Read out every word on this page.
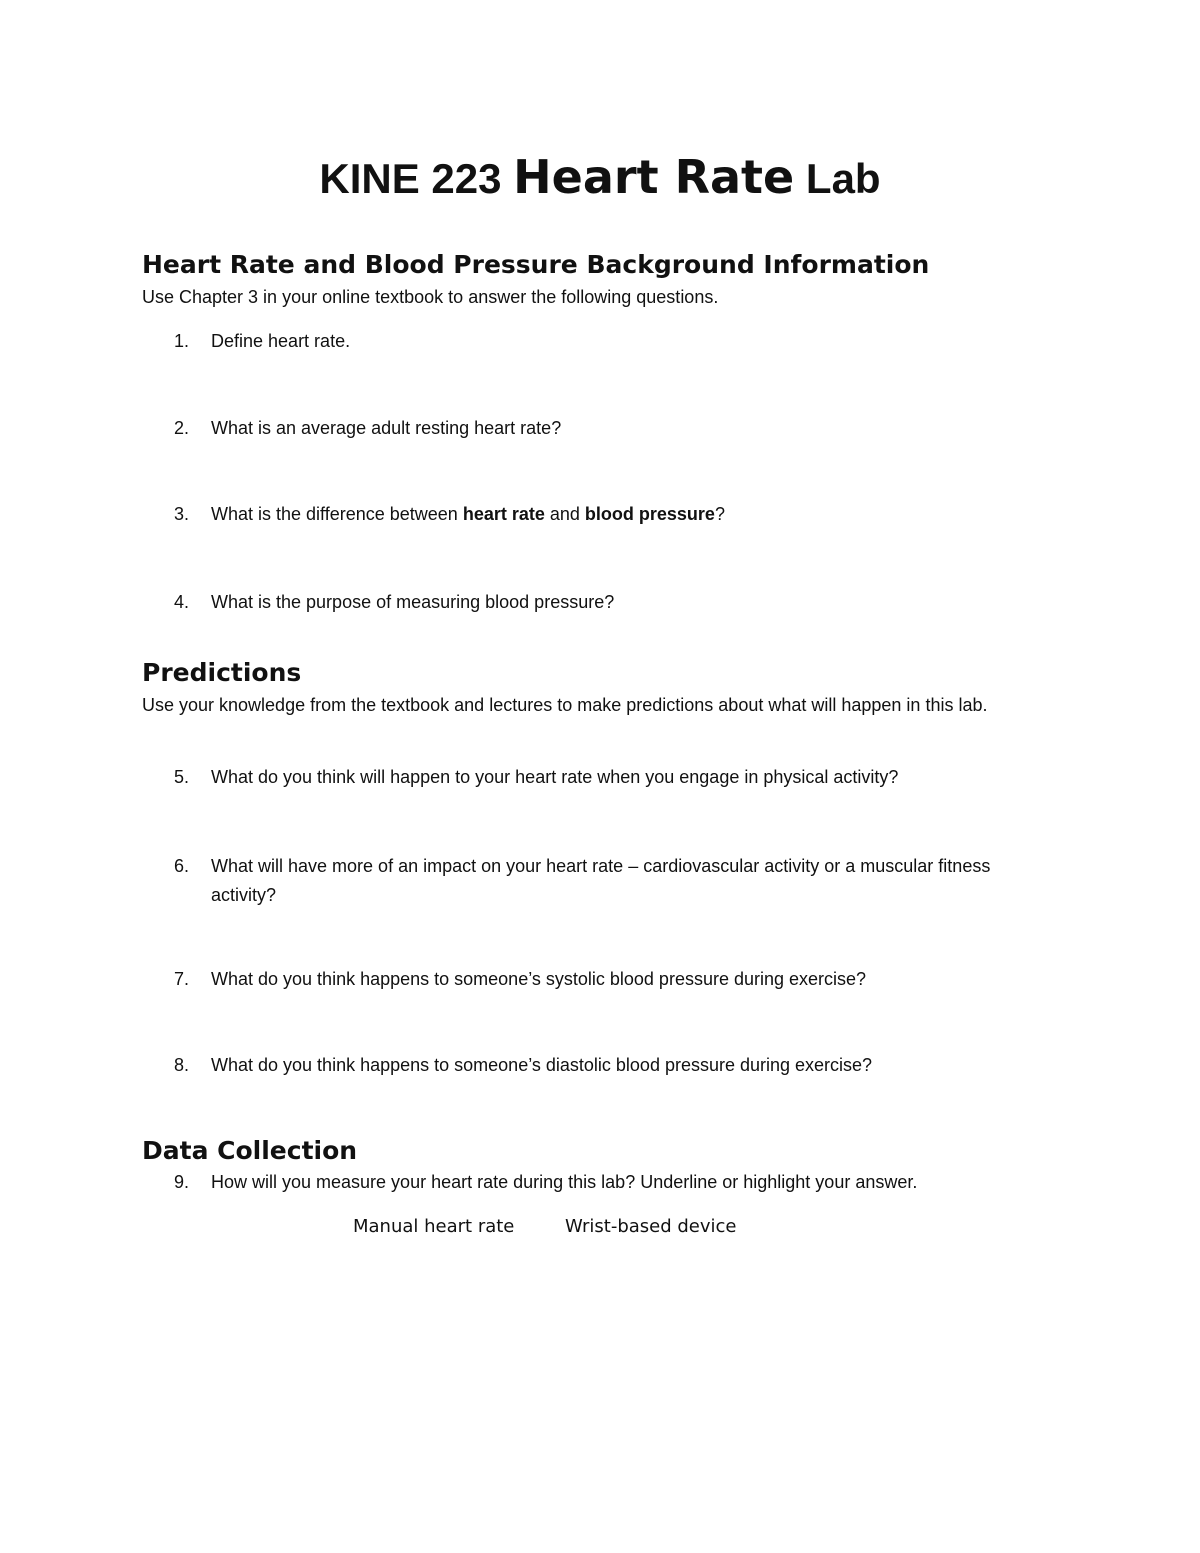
KINE 223 Heart Rate Lab
Heart Rate and Blood Pressure Background Information
Use Chapter 3 in your online textbook to answer the following questions.
1.	Define heart rate.
2.	What is an average adult resting heart rate?
3.	What is the difference between heart rate and blood pressure?
4.	What is the purpose of measuring blood pressure?
Predictions
Use your knowledge from the textbook and lectures to make predictions about what will happen in this lab.
5.	What do you think will happen to your heart rate when you engage in physical activity?
6.	What will have more of an impact on your heart rate – cardiovascular activity or a muscular fitness activity?
7.	What do you think happens to someone’s systolic blood pressure during exercise?
8.	What do you think happens to someone’s diastolic blood pressure during exercise?
Data Collection
9.	How will you measure your heart rate during this lab? Underline or highlight your answer.
Manual heart rate	Wrist-based device
